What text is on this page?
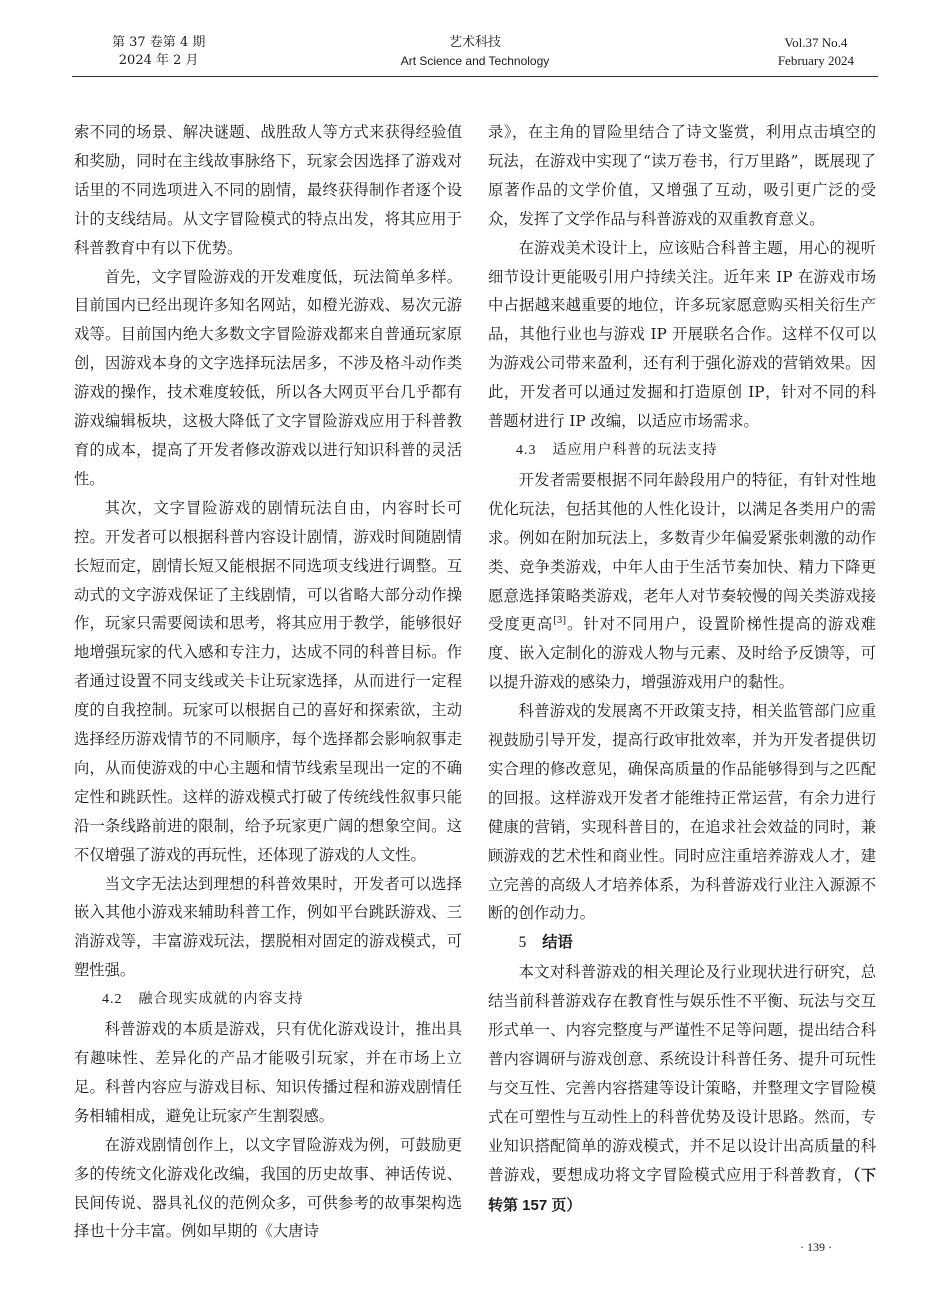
第 37 卷第 4 期
2024 年 2 月
艺术科技
Art Science and Technology
Vol.37 No.4
February 2024

索不同的场景、解决谜题、战胜敌人等方式来获得经验值和奖励，同时在主线故事脉络下，玩家会因选择了游戏对话里的不同选项进入不同的剧情，最终获得制作者逐个设计的支线结局。从文字冒险模式的特点出发，将其应用于科普教育中有以下优势。

首先，文字冒险游戏的开发难度低，玩法简单多样。目前国内已经出现许多知名网站，如橙光游戏、易次元游戏等。目前国内绝大多数文字冒险游戏都来自普通玩家原创，因游戏本身的文字选择玩法居多，不涉及格斗动作类游戏的操作，技术难度较低，所以各大网页平台几乎都有游戏编辑板块，这极大降低了文字冒险游戏应用于科普教育的成本，提高了开发者修改游戏以进行知识科普的灵活性。

其次，文字冒险游戏的剧情玩法自由，内容时长可控。开发者可以根据科普内容设计剧情，游戏时间随剧情长短而定，剧情长短又能根据不同选项支线进行调整。互动式的文字游戏保证了主线剧情，可以省略大部分动作操作，玩家只需要阅读和思考，将其应用于教学，能够很好地增强玩家的代入感和专注力，达成不同的科普目标。作者通过设置不同支线或关卡让玩家选择，从而进行一定程度的自我控制。玩家可以根据自己的喜好和探索欲，主动选择经历游戏情节的不同顺序，每个选择都会影响叙事走向，从而使游戏的中心主题和情节线索呈现出一定的不确定性和跳跃性。这样的游戏模式打破了传统线性叙事只能沿一条线路前进的限制，给予玩家更广阔的想象空间。这不仅增强了游戏的再玩性，还体现了游戏的人文性。

当文字无法达到理想的科普效果时，开发者可以选择嵌入其他小游戏来辅助科普工作，例如平台跳跃游戏、三消游戏等，丰富游戏玩法，摆脱相对固定的游戏模式，可塑性强。

4.2 融合现实成就的内容支持

科普游戏的本质是游戏，只有优化游戏设计，推出具有趣味性、差异化的产品才能吸引玩家，并在市场上立足。科普内容应与游戏目标、知识传播过程和游戏剧情任务相辅相成，避免让玩家产生割裂感。

在游戏剧情创作上，以文字冒险游戏为例，可鼓励更多的传统文化游戏化改编，我国的历史故事、神话传说、民间传说、器具礼仪的范例众多，可供参考的故事架构选择也十分丰富。例如早期的《大唐诗

录》，在主角的冒险里结合了诗文鉴赏，利用点击填空的玩法，在游戏中实现了“读万卷书，行万里路”，既展现了原著作品的文学价值，又增强了互动，吸引更广泛的受众，发挥了文学作品与科普游戏的双重教育意义。

在游戏美术设计上，应该贴合科普主题，用心的视听细节设计更能吸引用户持续关注。近年来 IP 在游戏市场中占据越来越重要的地位，许多玩家愿意购买相关衍生产品，其他行业也与游戏 IP 开展联名合作。这样不仅可以为游戏公司带来盈利，还有利于强化游戏的营销效果。因此，开发者可以通过发掘和打造原创 IP，针对不同的科普题材进行 IP 改编，以适应市场需求。

4.3 适应用户科普的玩法支持

开发者需要根据不同年龄段用户的特征，有针对性地优化玩法，包括其他的人性化设计，以满足各类用户的需求。例如在附加玩法上，多数青少年偏爱紧张刺激的动作类、竞争类游戏，中年人由于生活节奏加快、精力下降更愿意选择策略类游戏，老年人对节奏较慢的闯关类游戏接受度更高[3]。针对不同用户，设置阶梯性提高的游戏难度、嵌入定制化的游戏人物与元素、及时给予反馈等，可以提升游戏的感染力，增强游戏用户的黏性。

科普游戏的发展离不开政策支持，相关监管部门应重视鼓励引导开发，提高行政审批效率，并为开发者提供切实合理的修改意见，确保高质量的作品能够得到与之匹配的回报。这样游戏开发者才能维持正常运营，有余力进行健康的营销，实现科普目的，在追求社会效益的同时，兼顾游戏的艺术性和商业性。同时应注重培养游戏人才，建立完善的高级人才培养体系，为科普游戏行业注入源源不断的创作动力。

5 结语

本文对科普游戏的相关理论及行业现状进行研究，总结当前科普游戏存在教育性与娱乐性不平衡、玩法与交互形式单一、内容完整度与严谨性不足等问题，提出结合科普内容调研与游戏创意、系统设计科普任务、提升可玩性与交互性、完善内容搭建等设计策略，并整理文字冒险模式在可塑性与互动性上的科普优势及设计思路。然而，专业知识搭配简单的游戏模式，并不足以设计出高质量的科普游戏，要想成功将文字冒险模式应用于科普教育，（下转第 157 页）

· 139 ·
